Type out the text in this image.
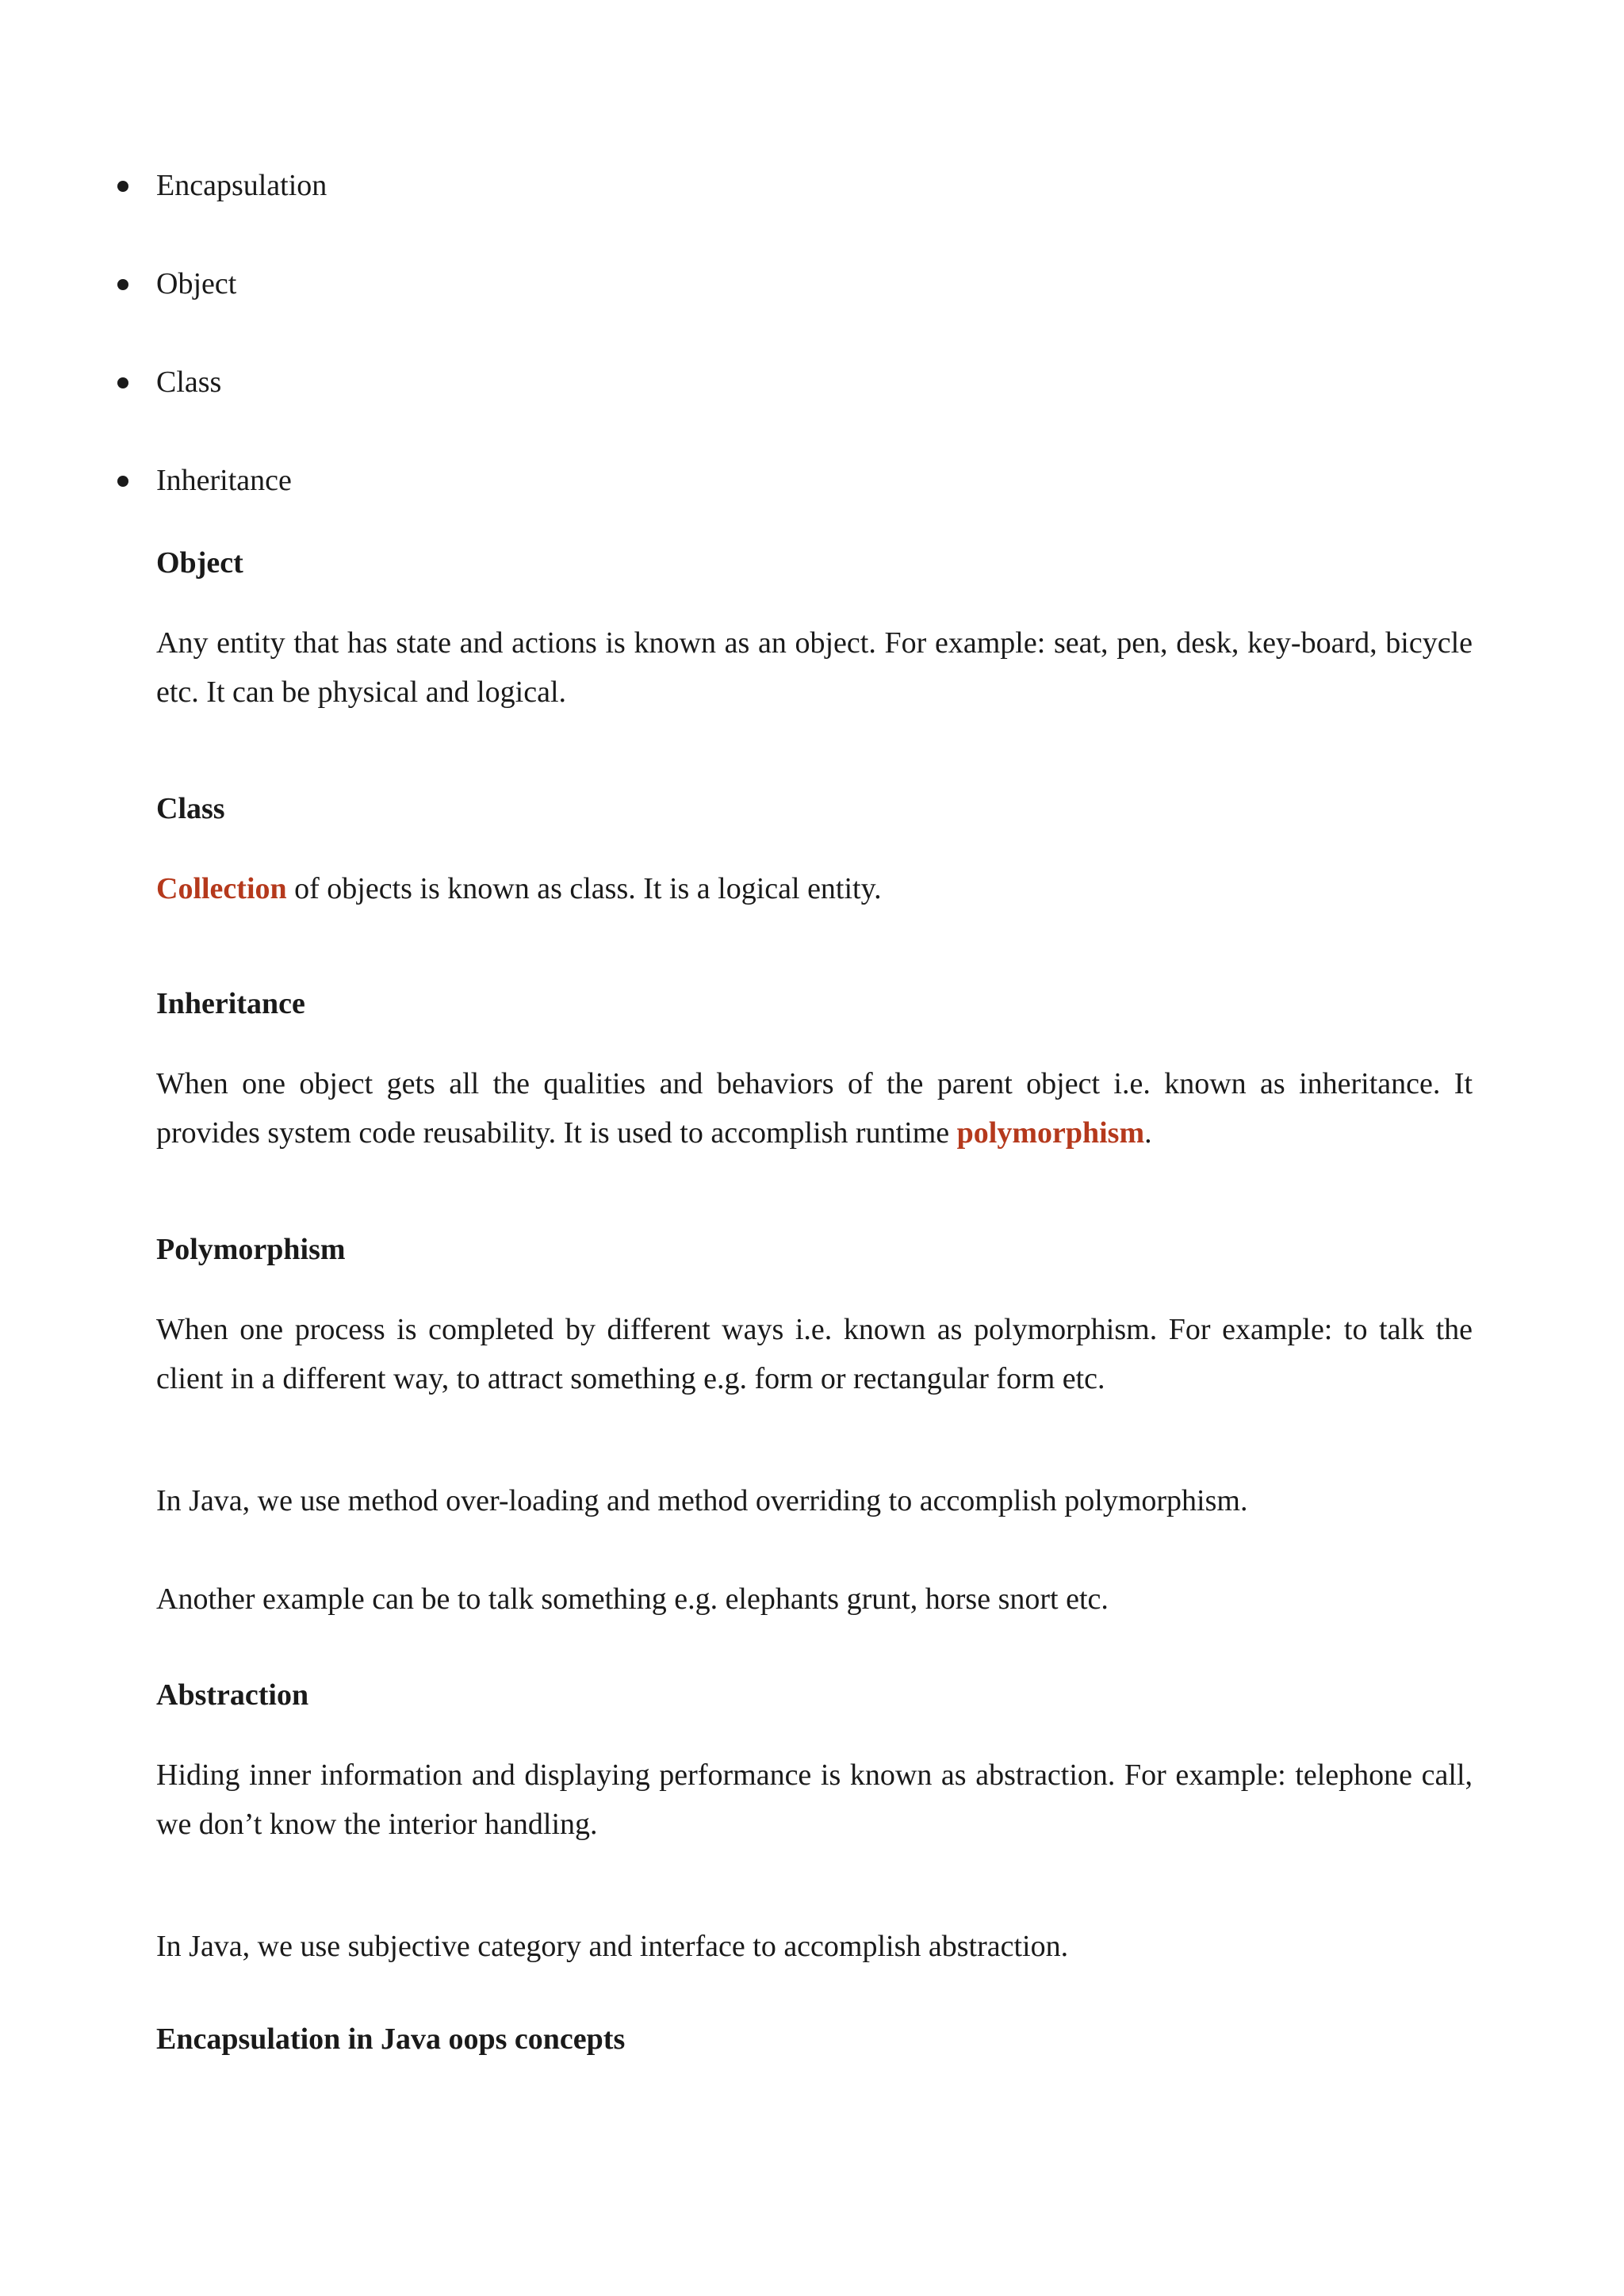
Encapsulation
Object
Class
Inheritance
Object

Any entity that has state and actions is known as an object. For example: seat, pen, desk, key-board, bicycle etc. It can be physical and logical.

Class

Collection of objects is known as class. It is a logical entity.

Inheritance

When one object gets all the qualities and behaviors of the parent object i.e. known as inheritance. It provides system code reusability. It is used to accomplish runtime polymorphism.

Polymorphism

When one process is completed by different ways i.e. known as polymorphism. For example: to talk the client in a different way, to attract something e.g. form or rectangular form etc.

In Java, we use method over-loading and method overriding to accomplish polymorphism.

Another example can be to talk something e.g. elephants grunt, horse snort etc.

Abstraction

Hiding inner information and displaying performance is known as abstraction. For example: telephone call, we don’t know the interior handling.

In Java, we use subjective category and interface to accomplish abstraction.

Encapsulation in Java oops concepts
